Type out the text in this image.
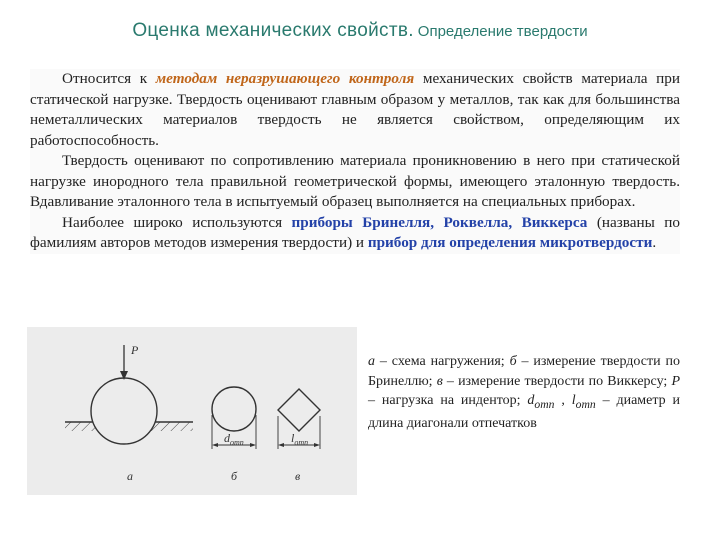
Оценка механических свойств. Определение твердости

Относится к методам неразрушающего контроля механических свойств материала при статической нагрузке. Твердость оценивают главным образом у металлов, так как для большинства неметаллических материалов твердость не является свойством, определяющим их работоспособность.

Твердость оценивают по сопротивлению материала проникновению в него при статической нагрузке инородного тела правильной геометрической формы, имеющего эталонную твердость. Вдавливание эталонного тела в испытуемый образец выполняется на специальных приборах.

Наиболее широко используются приборы Бринелля, Роквелла, Виккерса (названы по фамилиям авторов методов измерения твердости) и прибор для определения микротвердости.

P
а
$d_{отп}$
б
$l_{отп}$
в
а – схема нагружения; б – измерение твердости по Бринеллю; в – измерение твердости по Виккерсу; P – нагрузка на индентор; $d_{отп}$ , $l_{отп}$ – диаметр и длина диагонали отпечатков
